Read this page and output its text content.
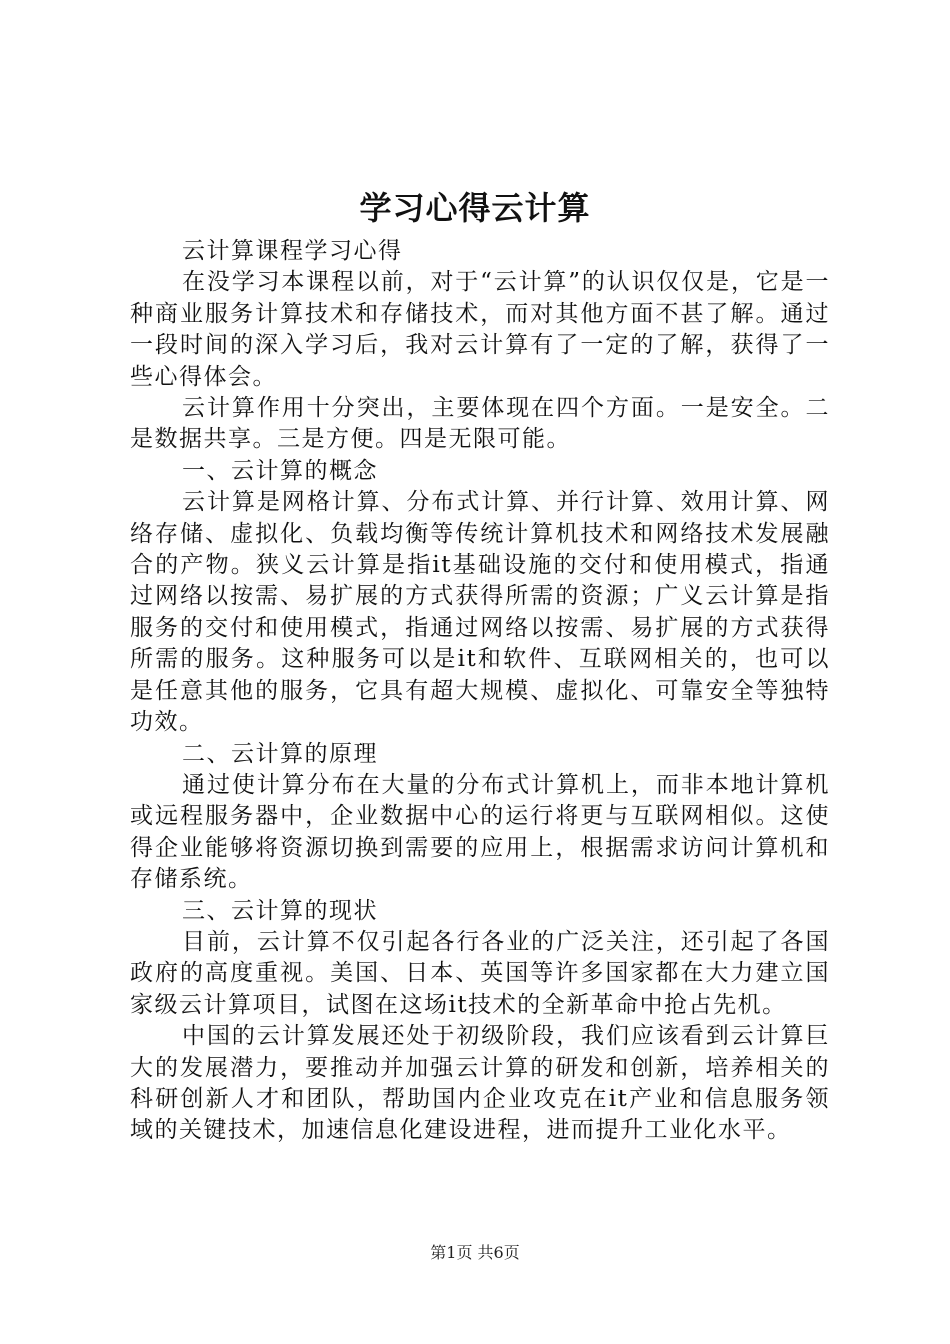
学习心得云计算

云计算课程学习心得

在没学习本课程以前，对于“云计算”的认识仅仅是，它是一种商业服务计算技术和存储技术，而对其他方面不甚了解。通过一段时间的深入学习后，我对云计算有了一定的了解，获得了一些心得体会。

云计算作用十分突出，主要体现在四个方面。一是安全。二是数据共享。三是方便。四是无限可能。

一、云计算的概念

云计算是网格计算、分布式计算、并行计算、效用计算、网络存储、虚拟化、负载均衡等传统计算机技术和网络技术发展融合的产物。狭义云计算是指it基础设施的交付和使用模式，指通过网络以按需、易扩展的方式获得所需的资源；广义云计算是指服务的交付和使用模式，指通过网络以按需、易扩展的方式获得所需的服务。这种服务可以是it和软件、互联网相关的，也可以是任意其他的服务，它具有超大规模、虚拟化、可靠安全等独特功效。

二、云计算的原理

通过使计算分布在大量的分布式计算机上，而非本地计算机或远程服务器中，企业数据中心的运行将更与互联网相似。这使得企业能够将资源切换到需要的应用上，根据需求访问计算机和存储系统。

三、云计算的现状

目前，云计算不仅引起各行各业的广泛关注，还引起了各国政府的高度重视。美国、日本、英国等许多国家都在大力建立国家级云计算项目，试图在这场it技术的全新革命中抢占先机。

中国的云计算发展还处于初级阶段，我们应该看到云计算巨大的发展潜力，要推动并加强云计算的研发和创新，培养相关的科研创新人才和团队，帮助国内企业攻克在it产业和信息服务领域的关键技术，加速信息化建设进程，进而提升工业化水平。

第1页 共6页
